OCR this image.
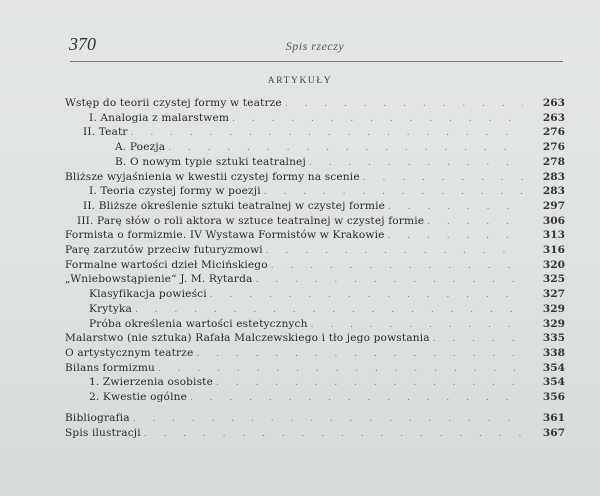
370	Spis rzeczy
ARTYKUŁY
Wstęp do teorii czystej formy w teatrze . . .	263
I. Analogia z malarstwem . . .	263
II. Teatr . . .	276
A. Poezja . . .	276
B. O nowym typie sztuki teatralnej . . .	278
Bliższe wyjaśnienia w kwestii czystej formy na scenie . . .	283
I. Teoria czystej formy w poezji . . .	283
II. Bliższe określenie sztuki teatralnej w czystej formie . . .	297
III. Parę słów o roli aktora w sztuce teatralnej w czystej formie . . .	306
Formista o formizmie. IV Wystawa Formistów w Krakowie . . .	313
Parę zarzutów przeciw futuryzmowi . . .	316
Formalne wartości dzieł Micińskiego . . .	320
„Wniebowstąpienie“ J. M. Rytarda . . .	325
Klasyfikacja powieści . . .	327
Krytyka . . .	329
Próba określenia wartości estetycznych . . .	329
Malarstwo (nie sztuka) Rafała Malczewskiego i tło jego powstania . . .	335
O artystycznym teatrze . . .	338
Bilans formizmu . . .	354
1. Zwierzenia osobiste . . .	354
2. Kwestie ogólne . . .	356
Bibliografia . . .	361
Spis ilustracji . . .	367
